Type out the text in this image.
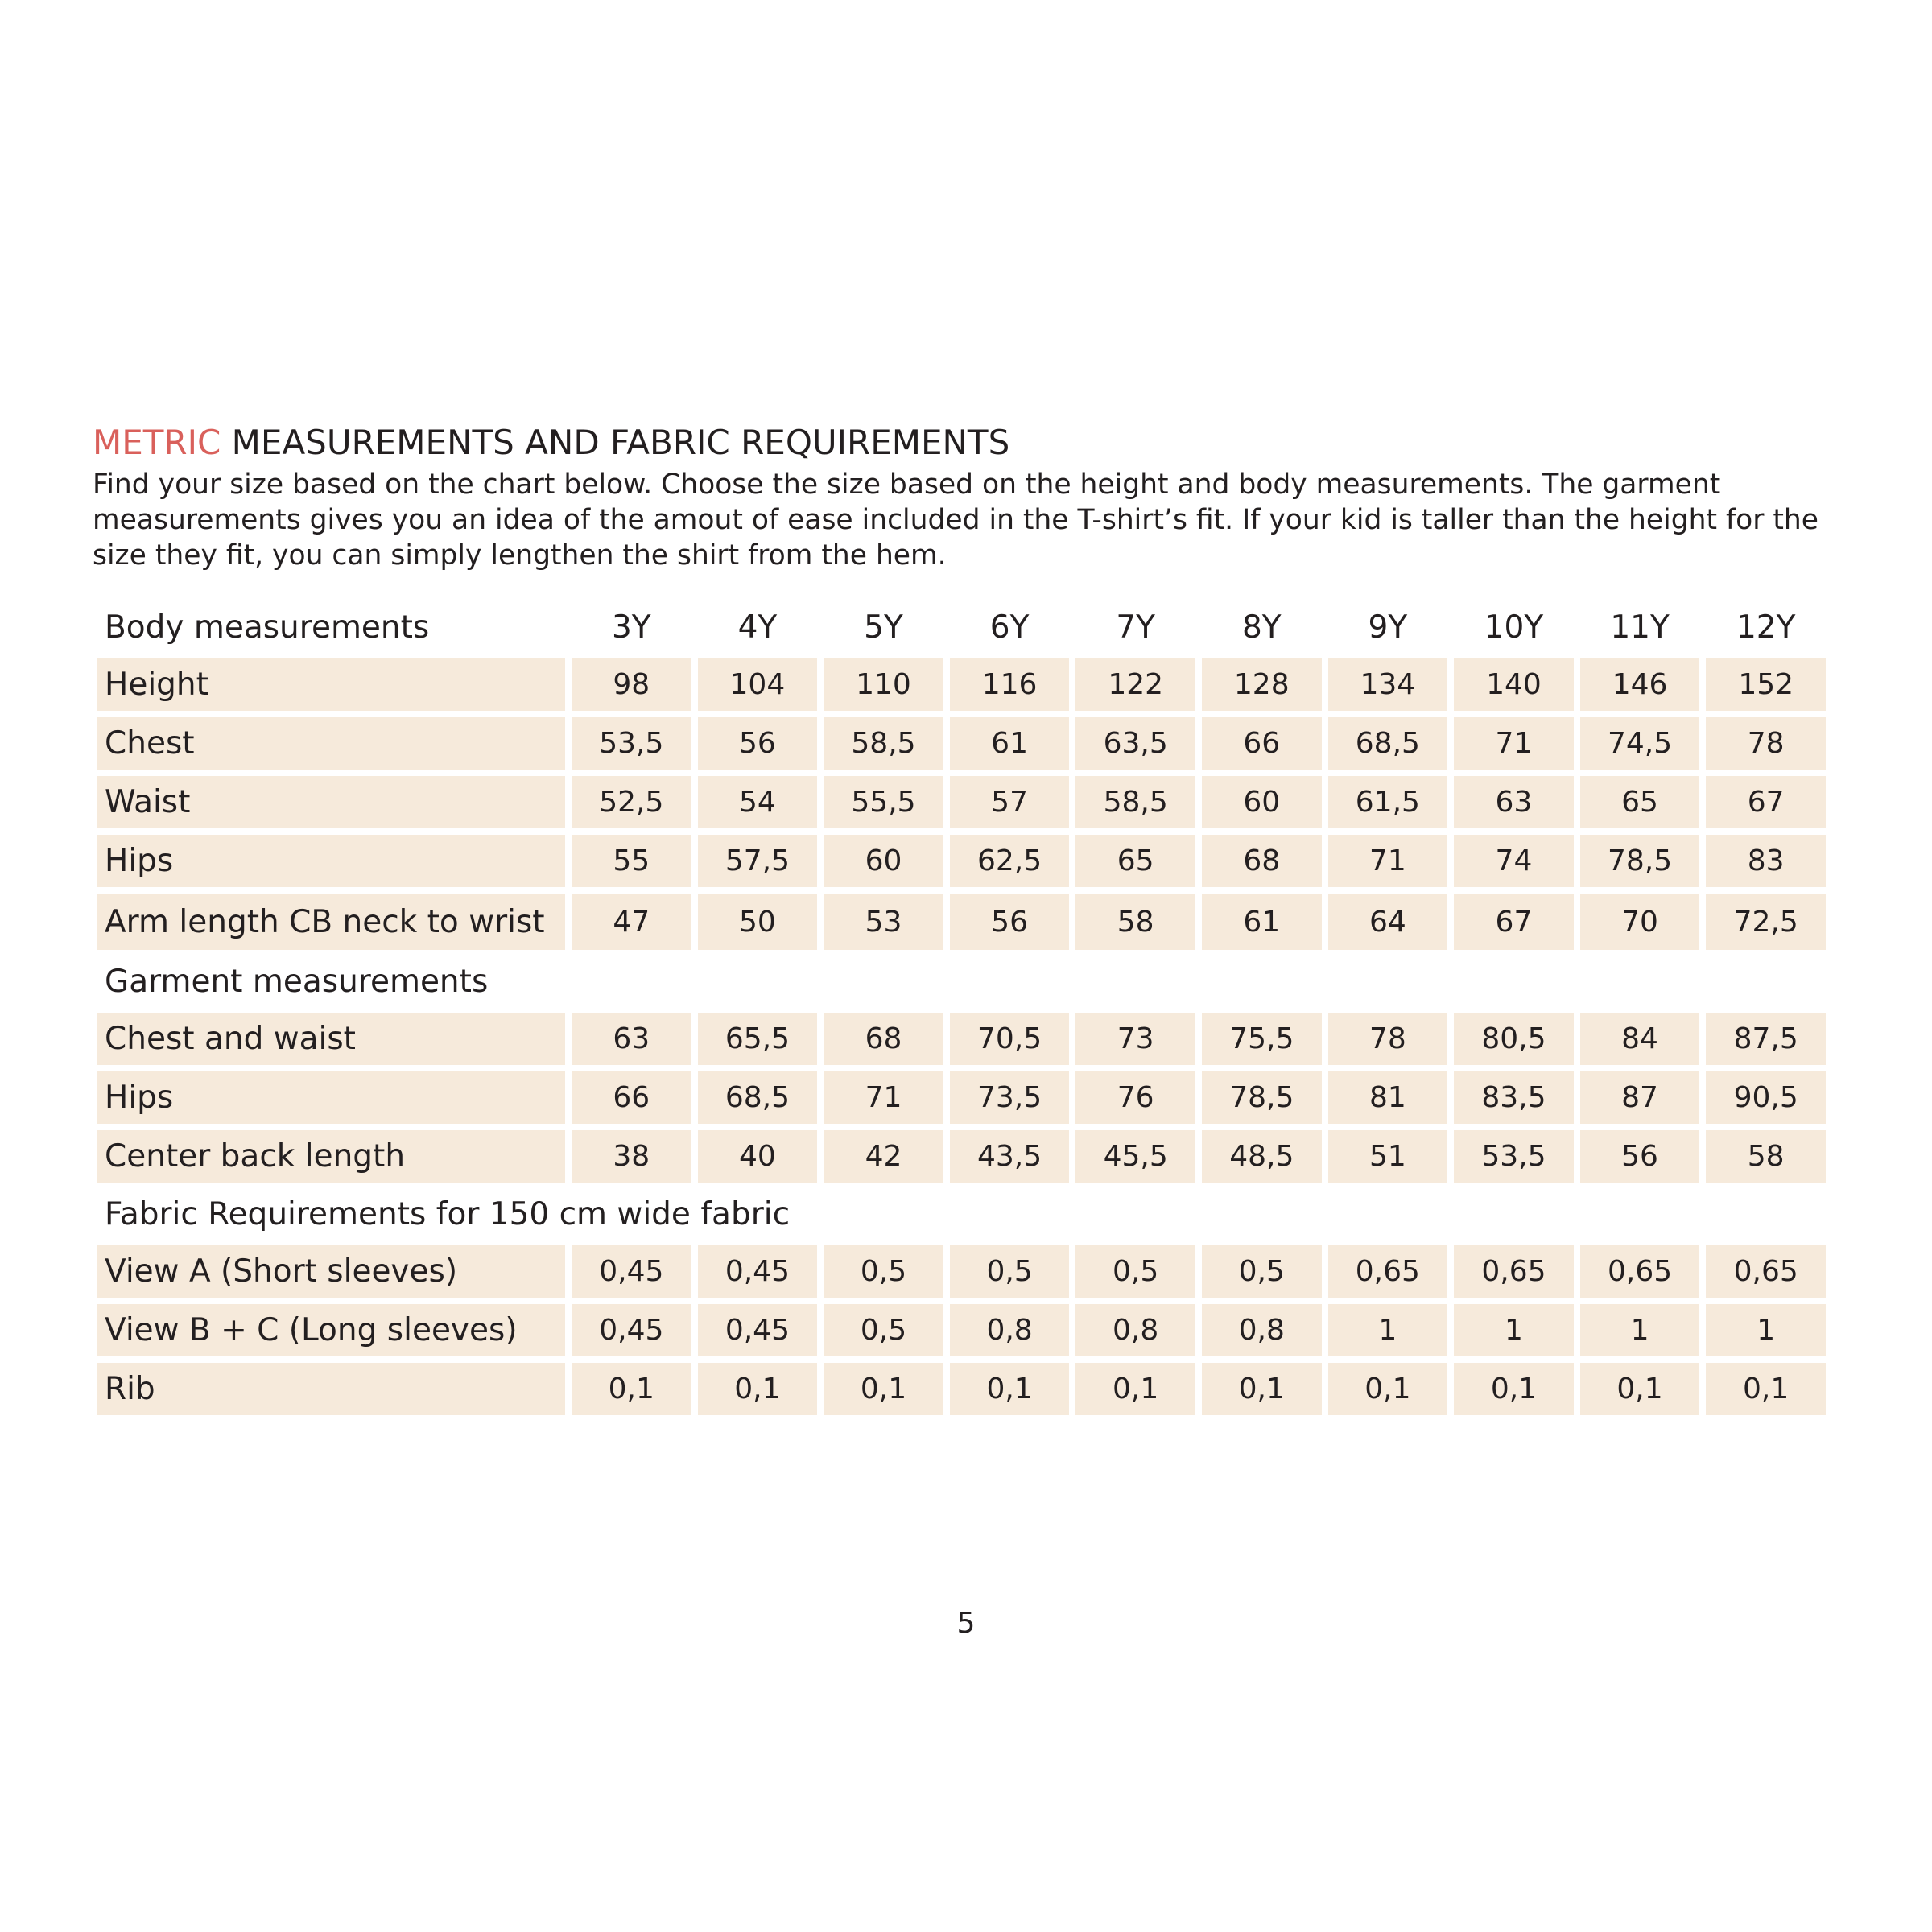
METRIC MEASUREMENTS AND FABRIC REQUIREMENTS

Find your size based on the chart below. Choose the size based on the height and body measurements. The garment measurements gives you an idea of the amout of ease included in the T-shirt’s fit. If your kid is taller than the height for the size they fit, you can simply lengthen the shirt from the hem.

Body measurements	3Y	4Y	5Y	6Y	7Y	8Y	9Y	10Y	11Y	12Y
Height	98	104	110	116	122	128	134	140	146	152
Chest	53,5	56	58,5	61	63,5	66	68,5	71	74,5	78
Waist	52,5	54	55,5	57	58,5	60	61,5	63	65	67
Hips	55	57,5	60	62,5	65	68	71	74	78,5	83
Arm length CB neck to wrist	47	50	53	56	58	61	64	67	70	72,5
Garment measurements										
Chest and waist	63	65,5	68	70,5	73	75,5	78	80,5	84	87,5
Hips	66	68,5	71	73,5	76	78,5	81	83,5	87	90,5
Center back length	38	40	42	43,5	45,5	48,5	51	53,5	56	58
Fabric Requirements for 150 cm wide fabric										
View A (Short sleeves)	0,45	0,45	0,5	0,5	0,5	0,5	0,65	0,65	0,65	0,65
View B + C (Long sleeves)	0,45	0,45	0,5	0,8	0,8	0,8	1	1	1	1
Rib	0,1	0,1	0,1	0,1	0,1	0,1	0,1	0,1	0,1	0,1
5
